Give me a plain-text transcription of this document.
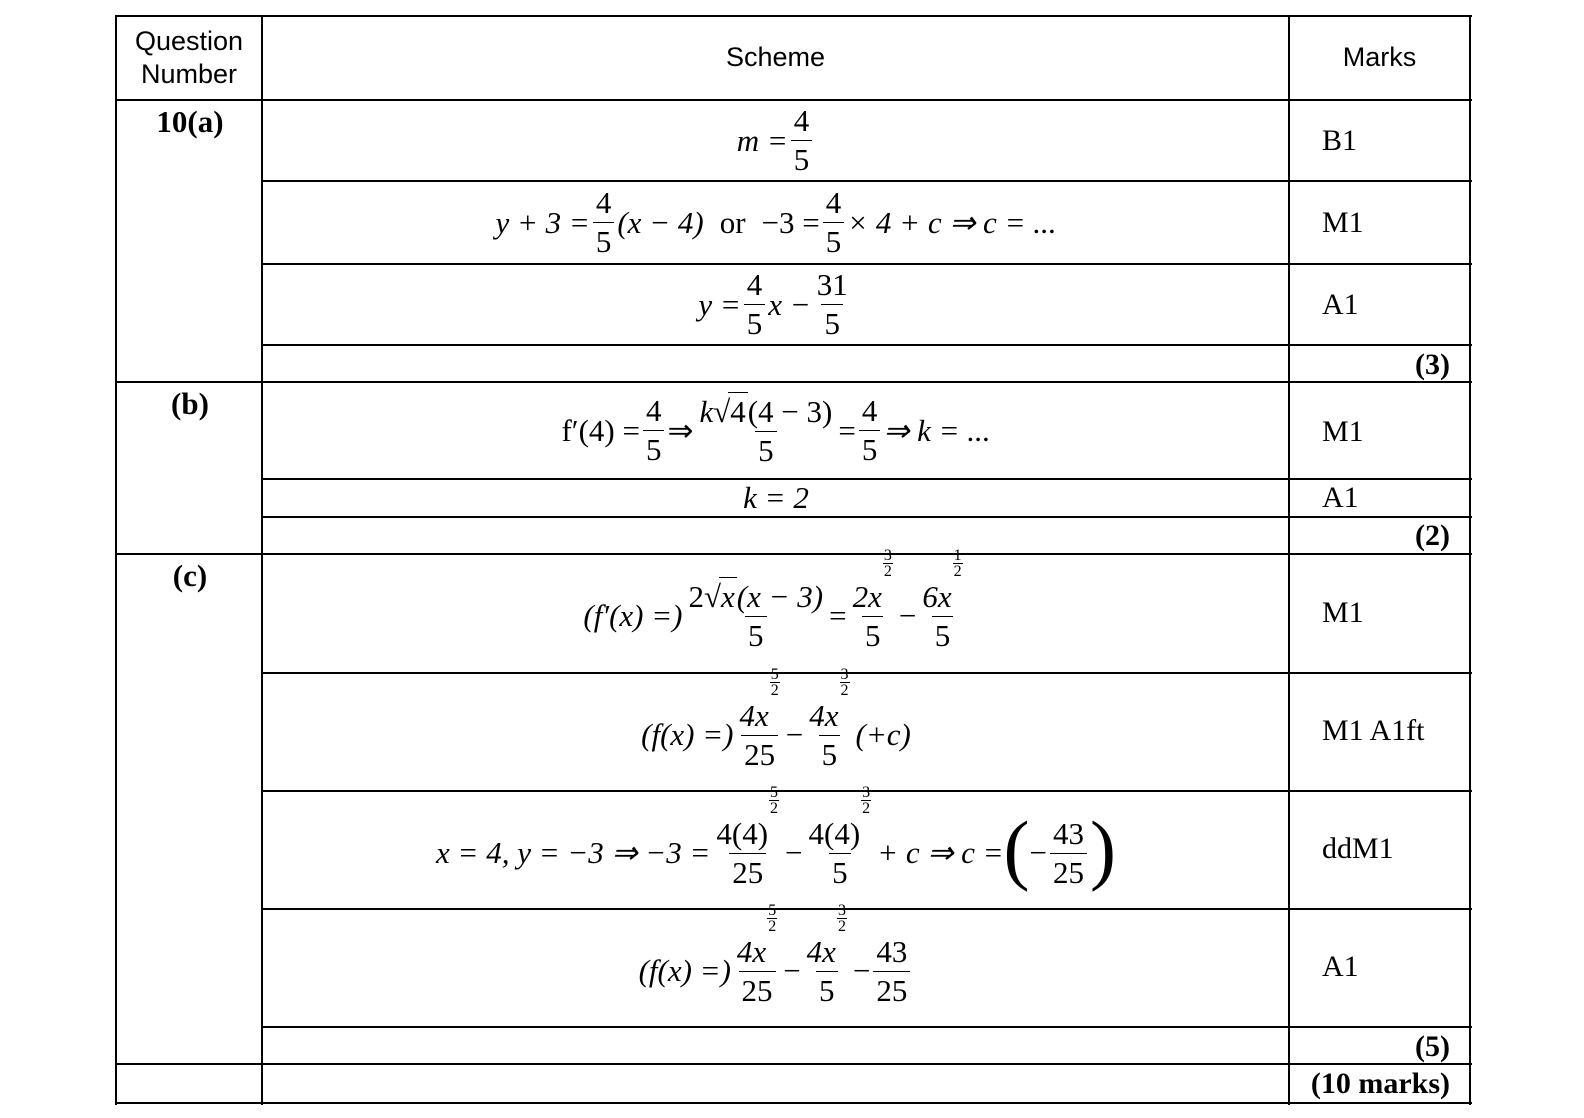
Question
Number
Scheme	Marks
10(a)
(b)
(c)
B1
M1
A1
(3)
M1
A1
(2)
M1
M1 A1ft
ddM1
A1
(5)
(10 marks)
$m = \frac{4}{5}$
$y + 3 = \frac{4}{5} (x - 4)$ or $-3 = \frac{4}{5} \times 4 + c$ ⇒ c = ...
$y = \frac{4}{5}$ $x - \frac{31}{5}$
$f'(4) = \frac{4}{5}$ ⇒ $\frac{k√4(4 - 3)}{5} = \frac{4}{5}$ ⇒ k = ...
k = 2
(f′(x) =) $\frac{2√x(x - 3)}{5} = 2x$
$\frac{3}{2}$
5 − 6x
$\frac{1}{2}$
5
(f(x) =) 4x
$\frac{5}{2}$
25 − 4x
$\frac{3}{2}$
5 (+c)
x = 4, y = −3 ⇒ −3 = 4(4)
$\frac{5}{2}$
25 − 4(4)
$\frac{3}{2}$
5 + c ⇒ c = ( − $\frac{43}{25}$ )
(f(x) =) 4x
$\frac{5}{2}$
25 − 4x
$\frac{3}{2}$
$5 - \frac{43}{25}$
